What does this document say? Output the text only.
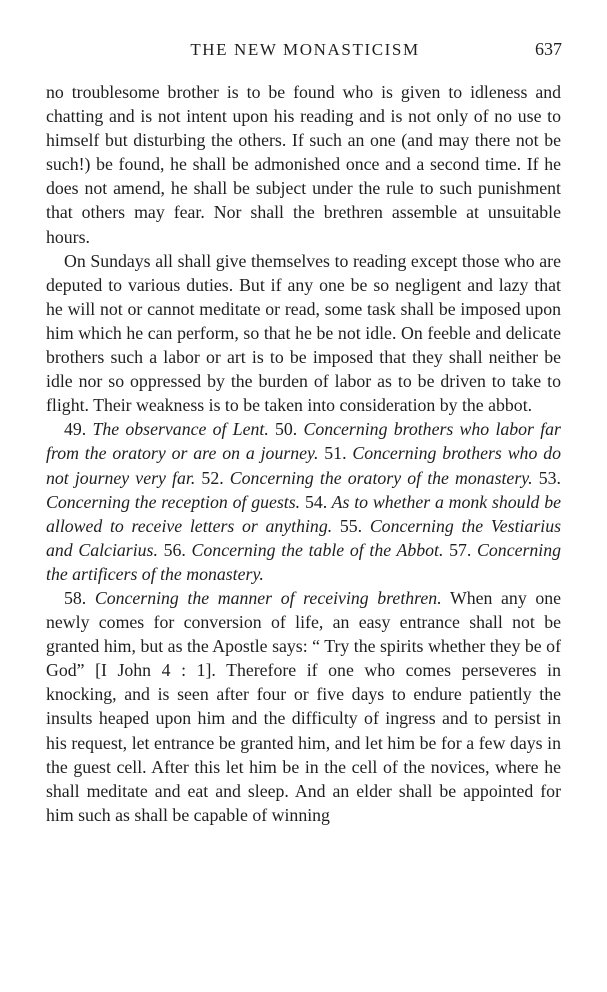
THE NEW MONASTICISM	637

no troublesome brother is to be found who is given to idleness and chatting and is not intent upon his reading and is not only of no use to himself but disturbing the others. If such an one (and may there not be such!) be found, he shall be admonished once and a second time. If he does not amend, he shall be subject under the rule to such punishment that others may fear. Nor shall the brethren assemble at unsuitable hours.

On Sundays all shall give themselves to reading except those who are deputed to various duties. But if any one be so negligent and lazy that he will not or cannot meditate or read, some task shall be imposed upon him which he can perform, so that he be not idle. On feeble and delicate brothers such a labor or art is to be imposed that they shall neither be idle nor so oppressed by the burden of labor as to be driven to take to flight. Their weakness is to be taken into consideration by the abbot.

49. The observance of Lent. 50. Concerning brothers who labor far from the oratory or are on a journey. 51. Concerning brothers who do not journey very far. 52. Concerning the oratory of the monastery. 53. Concerning the reception of guests. 54. As to whether a monk should be allowed to receive letters or anything. 55. Concerning the Vestiarius and Calciarius. 56. Concerning the table of the Abbot. 57. Concerning the artificers of the monastery.

58. Concerning the manner of receiving brethren. When any one newly comes for conversion of life, an easy entrance shall not be granted him, but as the Apostle says: “ Try the spirits whether they be of God” [I John 4 : 1]. Therefore if one who comes perseveres in knocking, and is seen after four or five days to endure patiently the insults heaped upon him and the difficulty of ingress and to persist in his request, let entrance be granted him, and let him be for a few days in the guest cell. After this let him be in the cell of the novices, where he shall meditate and eat and sleep. And an elder shall be appointed for him such as shall be capable of winning
